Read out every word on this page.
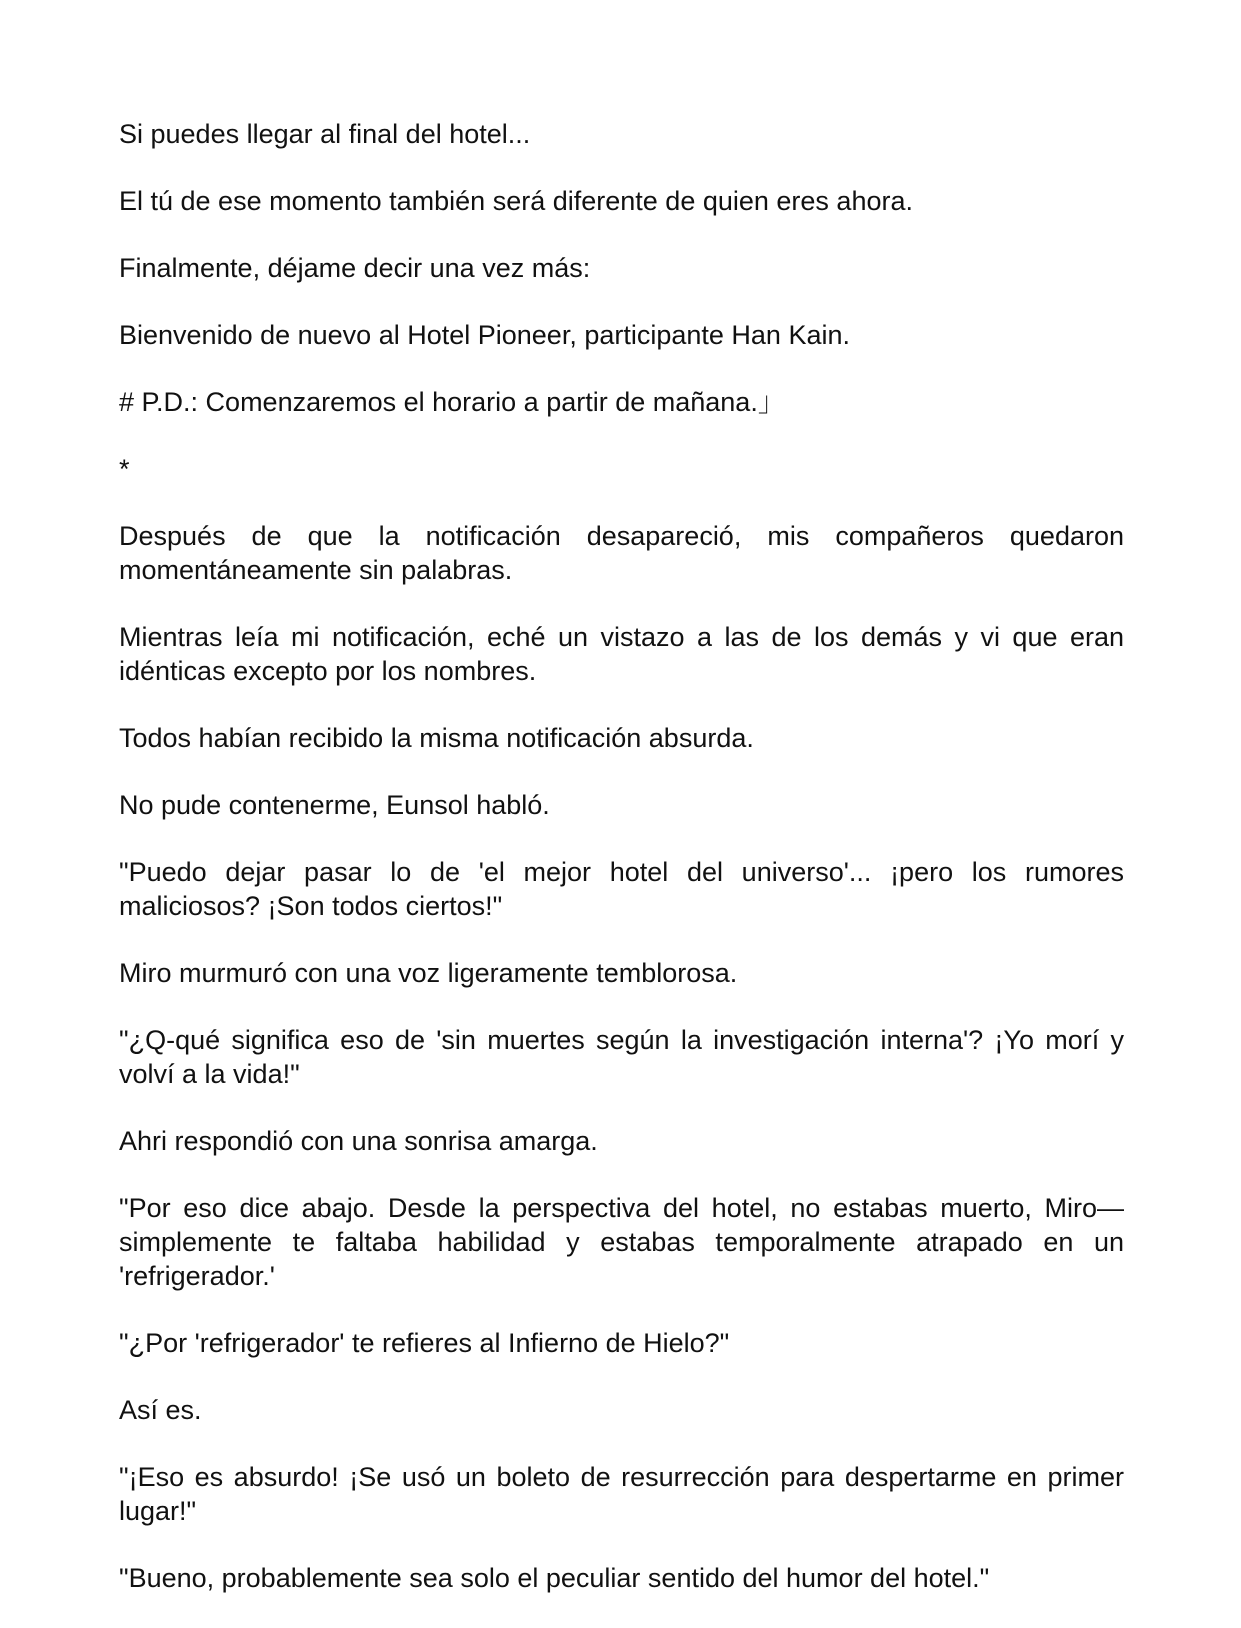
Si puedes llegar al final del hotel...

El tú de ese momento también será diferente de quien eres ahora.

Finalmente, déjame decir una vez más:

Bienvenido de nuevo al Hotel Pioneer, participante Han Kain.

# P.D.: Comenzaremos el horario a partir de mañana.」

*

Después de que la notificación desapareció, mis compañeros quedaron momentáneamente sin palabras.

Mientras leía mi notificación, eché un vistazo a las de los demás y vi que eran idénticas excepto por los nombres.

Todos habían recibido la misma notificación absurda.

No pude contenerme, Eunsol habló.

"Puedo dejar pasar lo de 'el mejor hotel del universo'... ¡pero los rumores maliciosos? ¡Son todos ciertos!"

Miro murmuró con una voz ligeramente temblorosa.

"¿Q-qué significa eso de 'sin muertes según la investigación interna'? ¡Yo morí y volví a la vida!"

Ahri respondió con una sonrisa amarga.

"Por eso dice abajo. Desde la perspectiva del hotel, no estabas muerto, Miro—simplemente te faltaba habilidad y estabas temporalmente atrapado en un 'refrigerador.'

"¿Por 'refrigerador' te refieres al Infierno de Hielo?"

Así es.

"¡Eso es absurdo! ¡Se usó un boleto de resurrección para despertarme en primer lugar!"

"Bueno, probablemente sea solo el peculiar sentido del humor del hotel."
